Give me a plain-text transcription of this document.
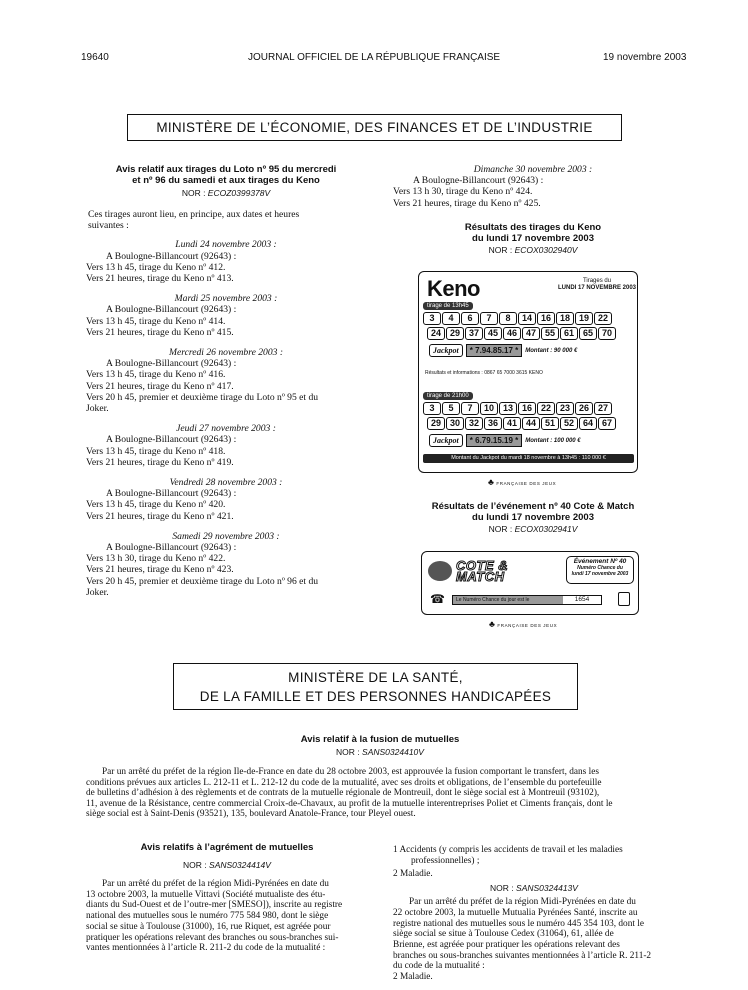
19640	JOURNAL OFFICIEL DE LA RÉPUBLIQUE FRANÇAISE	19 novembre 2003
MINISTÈRE DE L’ÉCONOMIE, DES FINANCES ET DE L’INDUSTRIE
Avis relatif aux tirages du Loto nº 95 du mercredi
et nº 96 du samedi et aux tirages du Keno
NOR : ECOZ0399378V
Ces tirages auront lieu, en principe, aux dates et heures
suivantes :
Lundi 24 novembre 2003 :
A Boulogne-Billancourt (92643) :
Vers 13 h 45, tirage du Keno nº 412.
Vers 21 heures, tirage du Keno nº 413.
Mardi 25 novembre 2003 :
A Boulogne-Billancourt (92643) :
Vers 13 h 45, tirage du Keno nº 414.
Vers 21 heures, tirage du Keno nº 415.
Mercredi 26 novembre 2003 :
A Boulogne-Billancourt (92643) :
Vers 13 h 45, tirage du Keno nº 416.
Vers 21 heures, tirage du Keno nº 417.
Vers 20 h 45, premier et deuxième tirage du Loto nº 95 et du
Joker.
Jeudi 27 novembre 2003 :
A Boulogne-Billancourt (92643) :
Vers 13 h 45, tirage du Keno nº 418.
Vers 21 heures, tirage du Keno nº 419.
Vendredi 28 novembre 2003 :
A Boulogne-Billancourt (92643) :
Vers 13 h 45, tirage du Keno nº 420.
Vers 21 heures, tirage du Keno nº 421.
Samedi 29 novembre 2003 :
A Boulogne-Billancourt (92643) :
Vers 13 h 30, tirage du Keno nº 422.
Vers 21 heures, tirage du Keno nº 423.
Vers 20 h 45, premier et deuxième tirage du Loto nº 96 et du
Joker.
Dimanche 30 novembre 2003 :
A Boulogne-Billancourt (92643) :
Vers 13 h 30, tirage du Keno nº 424.
Vers 21 heures, tirage du Keno nº 425.
Résultats des tirages du Keno
du lundi 17 novembre 2003
NOR : ECOX0302940V
Keno	Tirages du
LUNDI 17 NOVEMBRE 2003
tirage de 13h45
3	4	6	7	8	14 16 18 19 22
24 29 37 45 46 47 55 61 65 70
Jackpot	* 7.94.85.17 *	Montant : 90 000 €
Résultats et informations : 0867 65 7000 3615 KENO
tirage de 21h00
3	5	7	10 13 16 22 23 26 27
29 30 32 36 41 44 51 52 64 67
Jackpot	* 6.79.15.19 *	Montant : 100 000 €
Montant du Jackpot du mardi 18 novembre à 13h45 : 110 000 €
♣ FRANÇAISE DES JEUX
Résultats de l’événement nº 40 Cote & Match
du lundi 17 novembre 2003
NOR : ECOX0302941V
COTE &
MATCH
Événement Nº 40
Numéro Chance du
lundi 17 novembre 2003
☎	Le Numéro Chance du jour est le	1654
♣ FRANÇAISE DES JEUX
MINISTÈRE DE LA SANTÉ,
DE LA FAMILLE ET DES PERSONNES HANDICAPÉES
Avis relatif à la fusion de mutuelles
NOR : SANS0324410V
Par un arrêté du préfet de la région Ile-de-France en date du 28 octobre 2003, est approuvée la fusion comportant le transfert, dans les
conditions prévues aux articles L. 212-11 et L. 212-12 du code de la mutualité, avec ses droits et obligations, de l’ensemble du portefeuille
de bulletins d’adhésion à des règlements et de contrats de la mutuelle régionale de Montreuil, dont le siège social est à Montreuil (93102),
11, avenue de la Résistance, centre commercial Croix-de-Chavaux, au profit de la mutuelle interentreprises Poliet et Ciments français, dont le
siège social est à Saint-Denis (93521), 135, boulevard Anatole-France, tour Pleyel ouest.
Avis relatifs à l’agrément de mutuelles
NOR : SANS0324414V
Par un arrêté du préfet de la région Midi-Pyrénées en date du
13 octobre 2003, la mutuelle Vittavi (Société mutualiste des étu-
diants du Sud-Ouest et de l’outre-mer [SMESO]), inscrite au registre
national des mutuelles sous le numéro 775 584 980, dont le siège
social se situe à Toulouse (31000), 16, rue Riquet, est agréée pour
pratiquer les opérations relevant des branches ou sous-branches sui-
vantes mentionnées à l’article R. 211-2 du code de la mutualité :
1 Accidents (y compris les accidents de travail et les maladies
professionnelles) ;
2 Maladie.
NOR : SANS0324413V
Par un arrêté du préfet de la région Midi-Pyrénées en date du
22 octobre 2003, la mutuelle Mutualia Pyrénées Santé, inscrite au
registre national des mutuelles sous le numéro 445 354 103, dont le
siège social se situe à Toulouse Cedex (31064), 61, allée de
Brienne, est agréée pour pratiquer les opérations relevant des
branches ou sous-branches suivantes mentionnées à l’article R. 211-2
du code de la mutualité :
2 Maladie.
